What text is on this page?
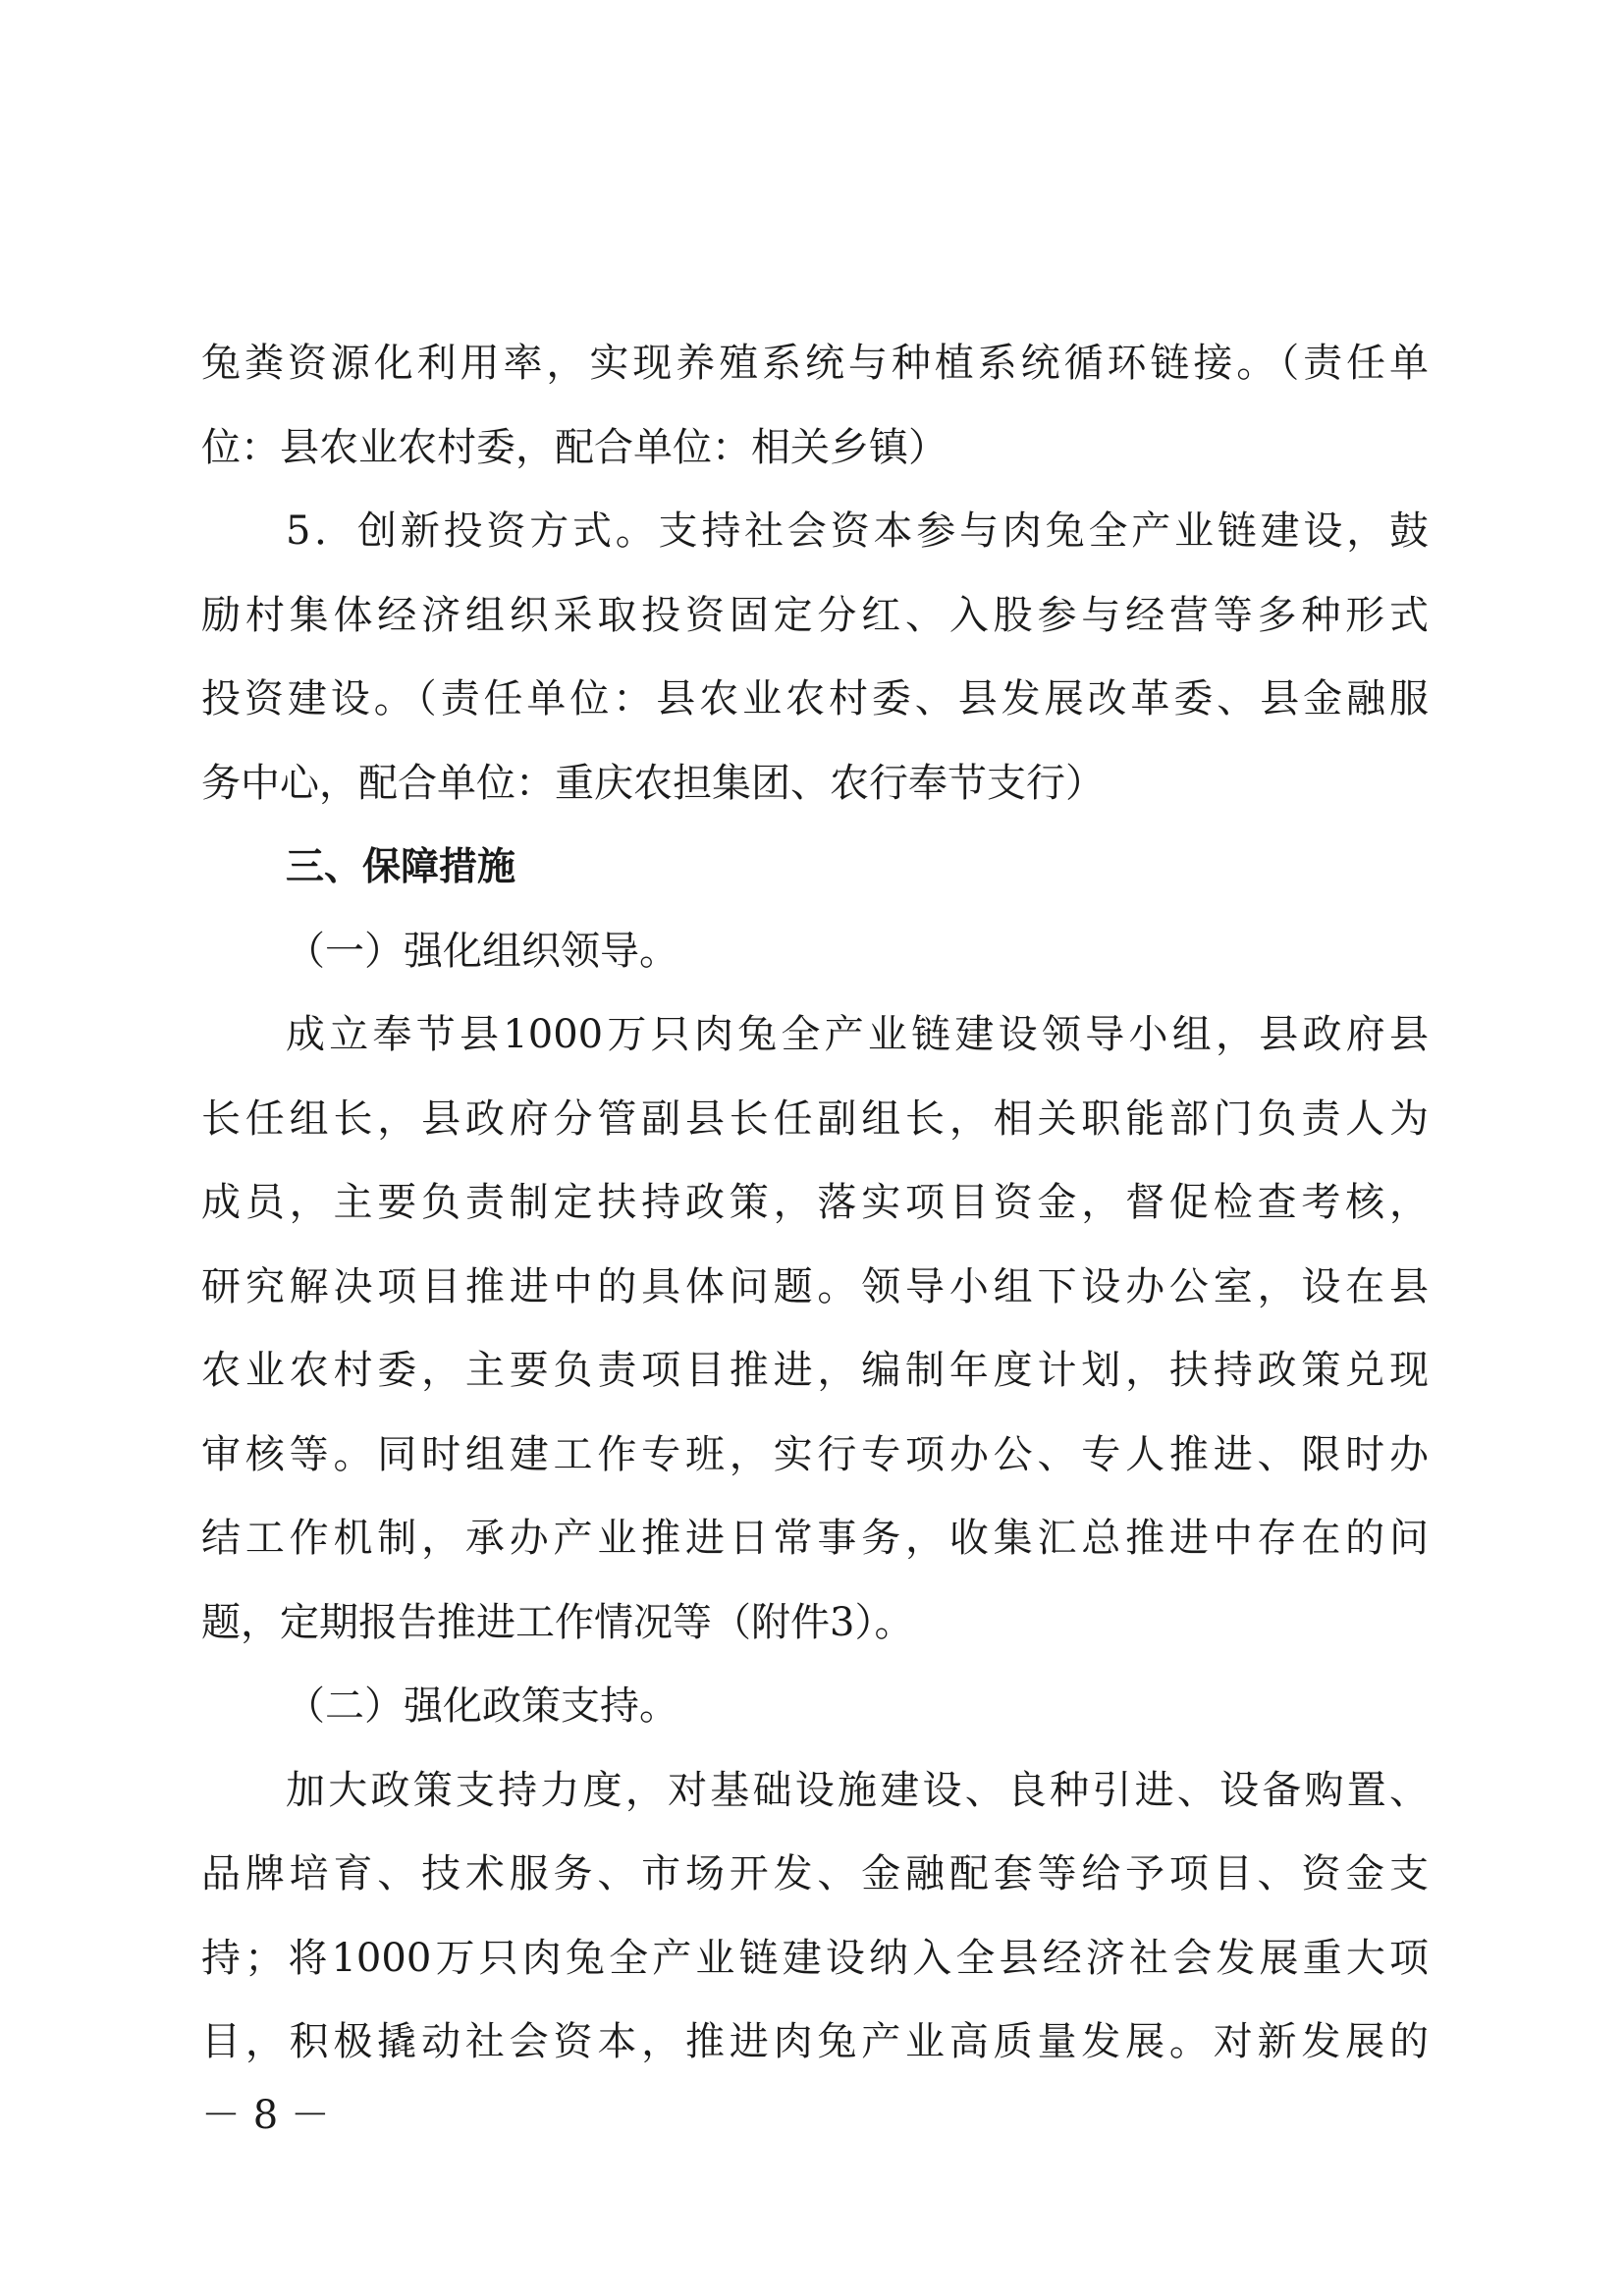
兔粪资源化利用率，实现养殖系统与种植系统循环链接。（责任单
位：县农业农村委，配合单位：相关乡镇）
5．创新投资方式。支持社会资本参与肉兔全产业链建设，鼓
励村集体经济组织采取投资固定分红、入股参与经营等多种形式
投资建设。（责任单位：县农业农村委、县发展改革委、县金融服
务中心，配合单位：重庆农担集团、农行奉节支行）
三、保障措施
（一）强化组织领导。
成立奉节县1000万只肉兔全产业链建设领导小组，县政府县
长任组长，县政府分管副县长任副组长，相关职能部门负责人为
成员，主要负责制定扶持政策，落实项目资金，督促检查考核，
研究解决项目推进中的具体问题。领导小组下设办公室，设在县
农业农村委，主要负责项目推进，编制年度计划，扶持政策兑现
审核等。同时组建工作专班，实行专项办公、专人推进、限时办
结工作机制，承办产业推进日常事务，收集汇总推进中存在的问
题，定期报告推进工作情况等（附件3）。
（二）强化政策支持。
加大政策支持力度，对基础设施建设、良种引进、设备购置、
品牌培育、技术服务、市场开发、金融配套等给予项目、资金支
持；将1000万只肉兔全产业链建设纳入全县经济社会发展重大项
目，积极撬动社会资本，推进肉兔产业高质量发展。对新发展的
－ 8 －
